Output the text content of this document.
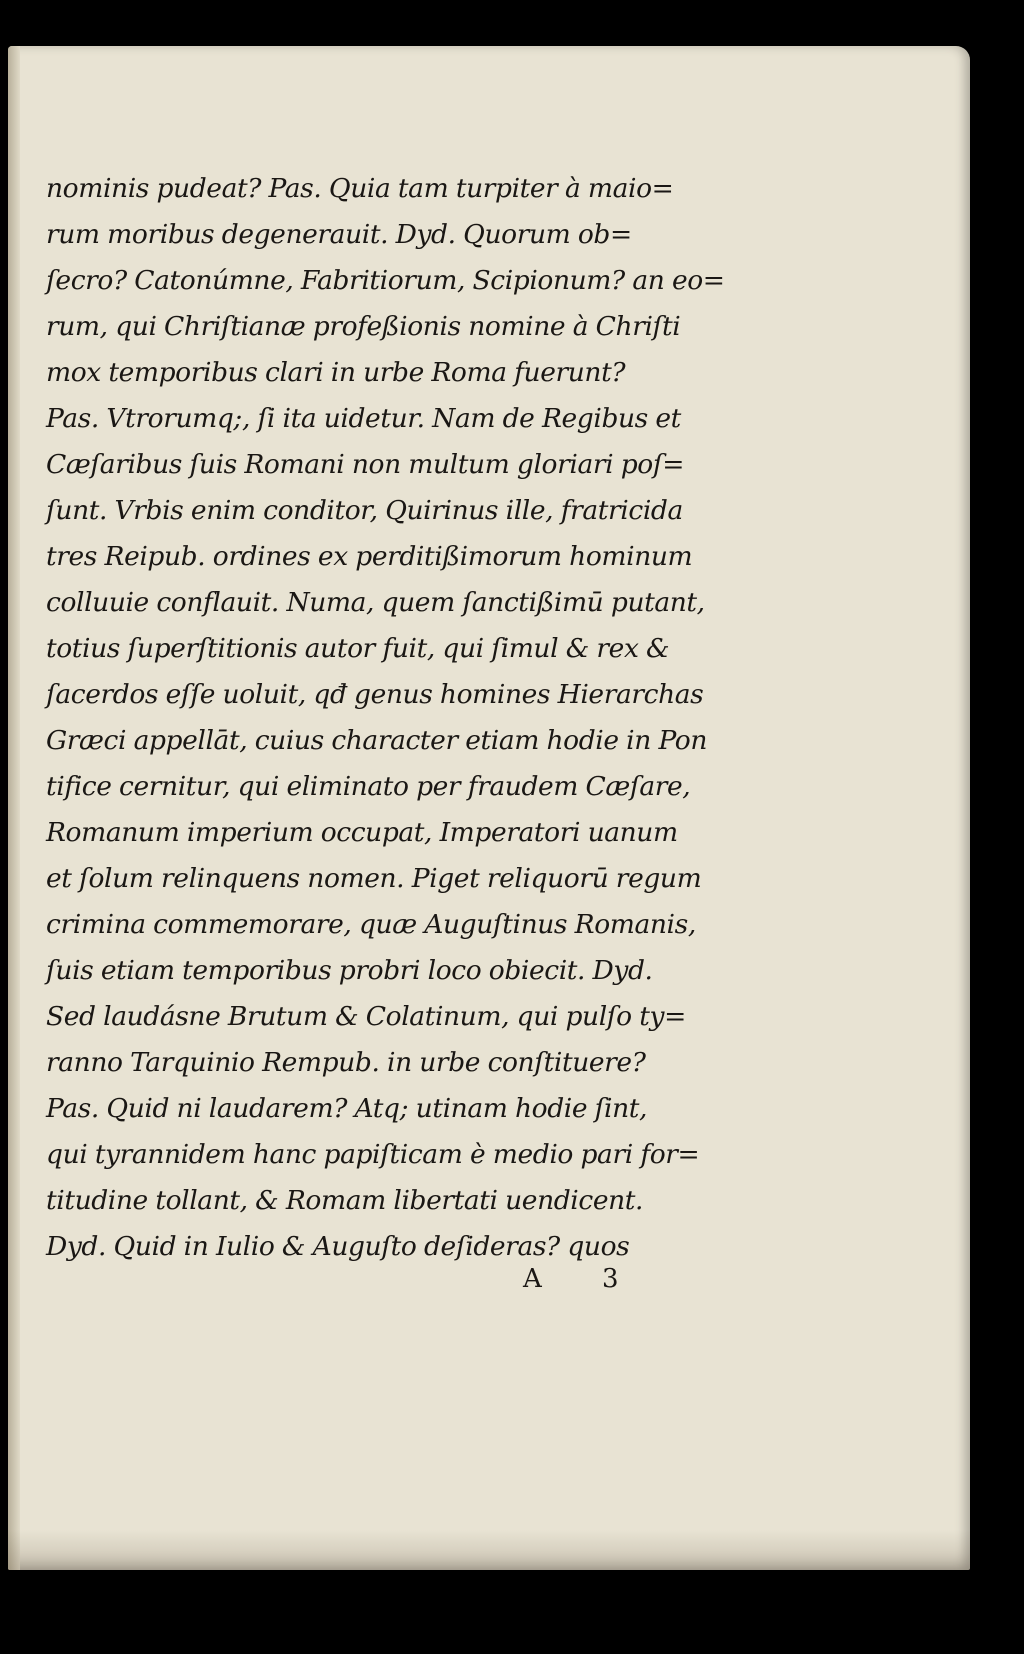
nominis pudeat? Pas. Quia tam turpiter à maio=
rum moribus degenerauit. Dyd. Quorum ob=
ſecro? Catonúmne, Fabritiorum, Scipionum? an eo=
rum, qui Chriſtianæ profeßionis nomine à Chriſti
mox temporibus clari in urbe Roma fuerunt?
Pas. Vtrorumq;, ſi ita uidetur. Nam de Regibus et
Cæſaribus ſuis Romani non multum gloriari poſ=
ſunt. Vrbis enim conditor, Quirinus ille, fratricida
tres Reipub. ordines ex perditißimorum hominum
colluuie conflauit. Numa, quem ſanctißimū putant,
totius ſuperſtitionis autor fuit, qui ſimul & rex &
ſacerdos eſſe uoluit, qđ genus homines Hierarchas
Græci appellāt, cuius character etiam hodie in Pon
tifice cernitur, qui eliminato per fraudem Cæſare,
Romanum imperium occupat, Imperatori uanum
et ſolum relinquens nomen. Piget reliquorū regum
crimina commemorare, quæ Auguſtinus Romanis,
ſuis etiam temporibus probri loco obiecit. Dyd.
Sed laudásne Brutum & Colatinum, qui pulſo ty=
ranno Tarquinio Rempub. in urbe conſtituere?
Pas. Quid ni laudarem? Atq; utinam hodie ſint,
qui tyrannidem hanc papiſticam è medio pari for=
titudine tollant, & Romam libertati uendicent.
Dyd. Quid in Iulio & Auguſto deſideras? quos
A 3
